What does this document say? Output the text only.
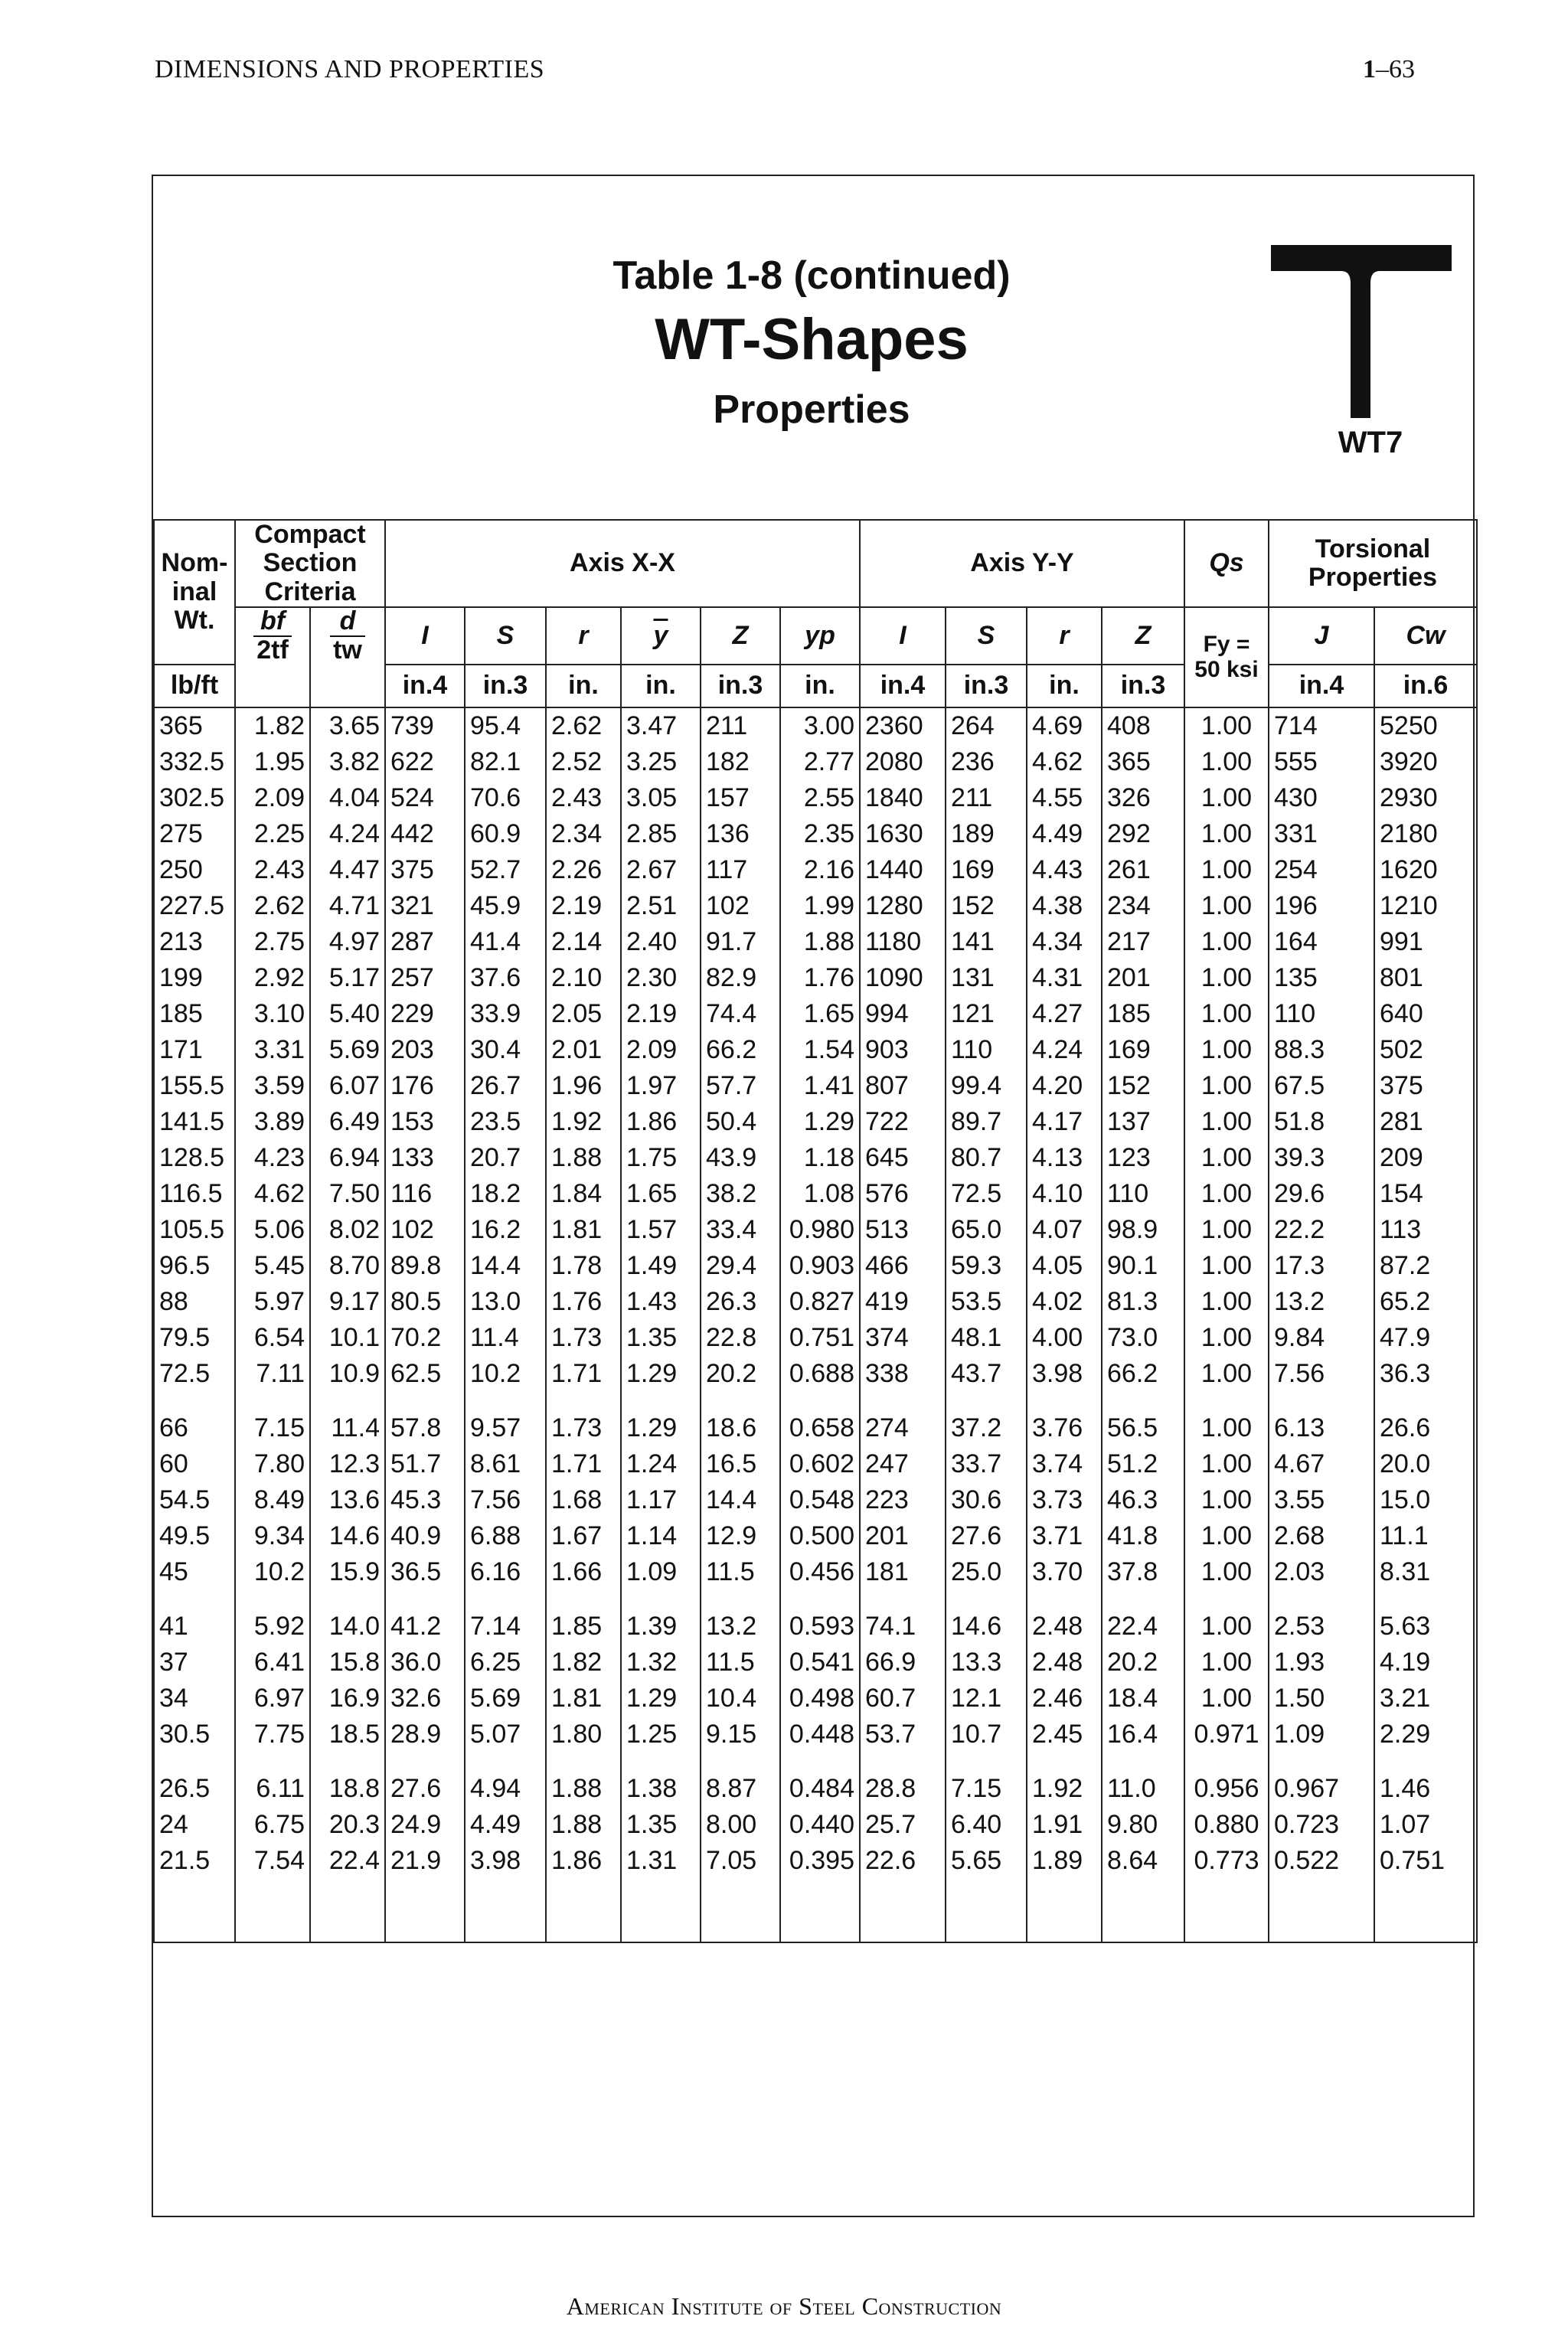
DIMENSIONS AND PROPERTIES	1–63
Table 1-8 (continued)
WT-Shapes
Properties
WT7
Nom-
inal
Wt.	Compact Section Criteria		Axis X-X						Axis Y-Y				Qs	Torsional Properties	

	$\frac{bf}{2tf}$	$\frac{d}{tw}$	I	S	r	$\overline{y}$	Z	yp	I	S	r	Z	Fy = 50 ksi	J	Cw
lb/ft			in.4	in.3	in.	in.	in.3	in.	in.4	in.3	in.	in.3		in.4	in.6
365	1.82	3.65	739	95.4	2.62	3.47	211	3.00	2360	264	4.69	408	1.00	714	5250
332.5	1.95	3.82	622	82.1	2.52	3.25	182	2.77	2080	236	4.62	365	1.00	555	3920
302.5	2.09	4.04	524	70.6	2.43	3.05	157	2.55	1840	211	4.55	326	1.00	430	2930
275	2.25	4.24	442	60.9	2.34	2.85	136	2.35	1630	189	4.49	292	1.00	331	2180
250	2.43	4.47	375	52.7	2.26	2.67	117	2.16	1440	169	4.43	261	1.00	254	1620
227.5	2.62	4.71	321	45.9	2.19	2.51	102	1.99	1280	152	4.38	234	1.00	196	1210
213	2.75	4.97	287	41.4	2.14	2.40	91.7	1.88	1180	141	4.34	217	1.00	164	991
199	2.92	5.17	257	37.6	2.10	2.30	82.9	1.76	1090	131	4.31	201	1.00	135	801
185	3.10	5.40	229	33.9	2.05	2.19	74.4	1.65	994	121	4.27	185	1.00	110	640
171	3.31	5.69	203	30.4	2.01	2.09	66.2	1.54	903	110	4.24	169	1.00	88.3	502
155.5	3.59	6.07	176	26.7	1.96	1.97	57.7	1.41	807	99.4	4.20	152	1.00	67.5	375
141.5	3.89	6.49	153	23.5	1.92	1.86	50.4	1.29	722	89.7	4.17	137	1.00	51.8	281
128.5	4.23	6.94	133	20.7	1.88	1.75	43.9	1.18	645	80.7	4.13	123	1.00	39.3	209
116.5	4.62	7.50	116	18.2	1.84	1.65	38.2	1.08	576	72.5	4.10	110	1.00	29.6	154
105.5	5.06	8.02	102	16.2	1.81	1.57	33.4	0.980	513	65.0	4.07	98.9	1.00	22.2	113
96.5	5.45	8.70	89.8	14.4	1.78	1.49	29.4	0.903	466	59.3	4.05	90.1	1.00	17.3	87.2
88	5.97	9.17	80.5	13.0	1.76	1.43	26.3	0.827	419	53.5	4.02	81.3	1.00	13.2	65.2
79.5	6.54	10.1	70.2	11.4	1.73	1.35	22.8	0.751	374	48.1	4.00	73.0	1.00	9.84	47.9
72.5	7.11	10.9	62.5	10.2	1.71	1.29	20.2	0.688	338	43.7	3.98	66.2	1.00	7.56	36.3

66	7.15	11.4	57.8	9.57	1.73	1.29	18.6	0.658	274	37.2	3.76	56.5	1.00	6.13	26.6
60	7.80	12.3	51.7	8.61	1.71	1.24	16.5	0.602	247	33.7	3.74	51.2	1.00	4.67	20.0
54.5	8.49	13.6	45.3	7.56	1.68	1.17	14.4	0.548	223	30.6	3.73	46.3	1.00	3.55	15.0
49.5	9.34	14.6	40.9	6.88	1.67	1.14	12.9	0.500	201	27.6	3.71	41.8	1.00	2.68	11.1
45	10.2	15.9	36.5	6.16	1.66	1.09	11.5	0.456	181	25.0	3.70	37.8	1.00	2.03	8.31

41	5.92	14.0	41.2	7.14	1.85	1.39	13.2	0.593	74.1	14.6	2.48	22.4	1.00	2.53	5.63
37	6.41	15.8	36.0	6.25	1.82	1.32	11.5	0.541	66.9	13.3	2.48	20.2	1.00	1.93	4.19
34	6.97	16.9	32.6	5.69	1.81	1.29	10.4	0.498	60.7	12.1	2.46	18.4	1.00	1.50	3.21
30.5	7.75	18.5	28.9	5.07	1.80	1.25	9.15	0.448	53.7	10.7	2.45	16.4	0.971	1.09	2.29

26.5	6.11	18.8	27.6	4.94	1.88	1.38	8.87	0.484	28.8	7.15	1.92	11.0	0.956	0.967	1.46
24	6.75	20.3	24.9	4.49	1.88	1.35	8.00	0.440	25.7	6.40	1.91	9.80	0.880	0.723	1.07
21.5	7.54	22.4	21.9	3.98	1.86	1.31	7.05	0.395	22.6	5.65	1.89	8.64	0.773	0.522	0.751

American Institute of Steel Construction
